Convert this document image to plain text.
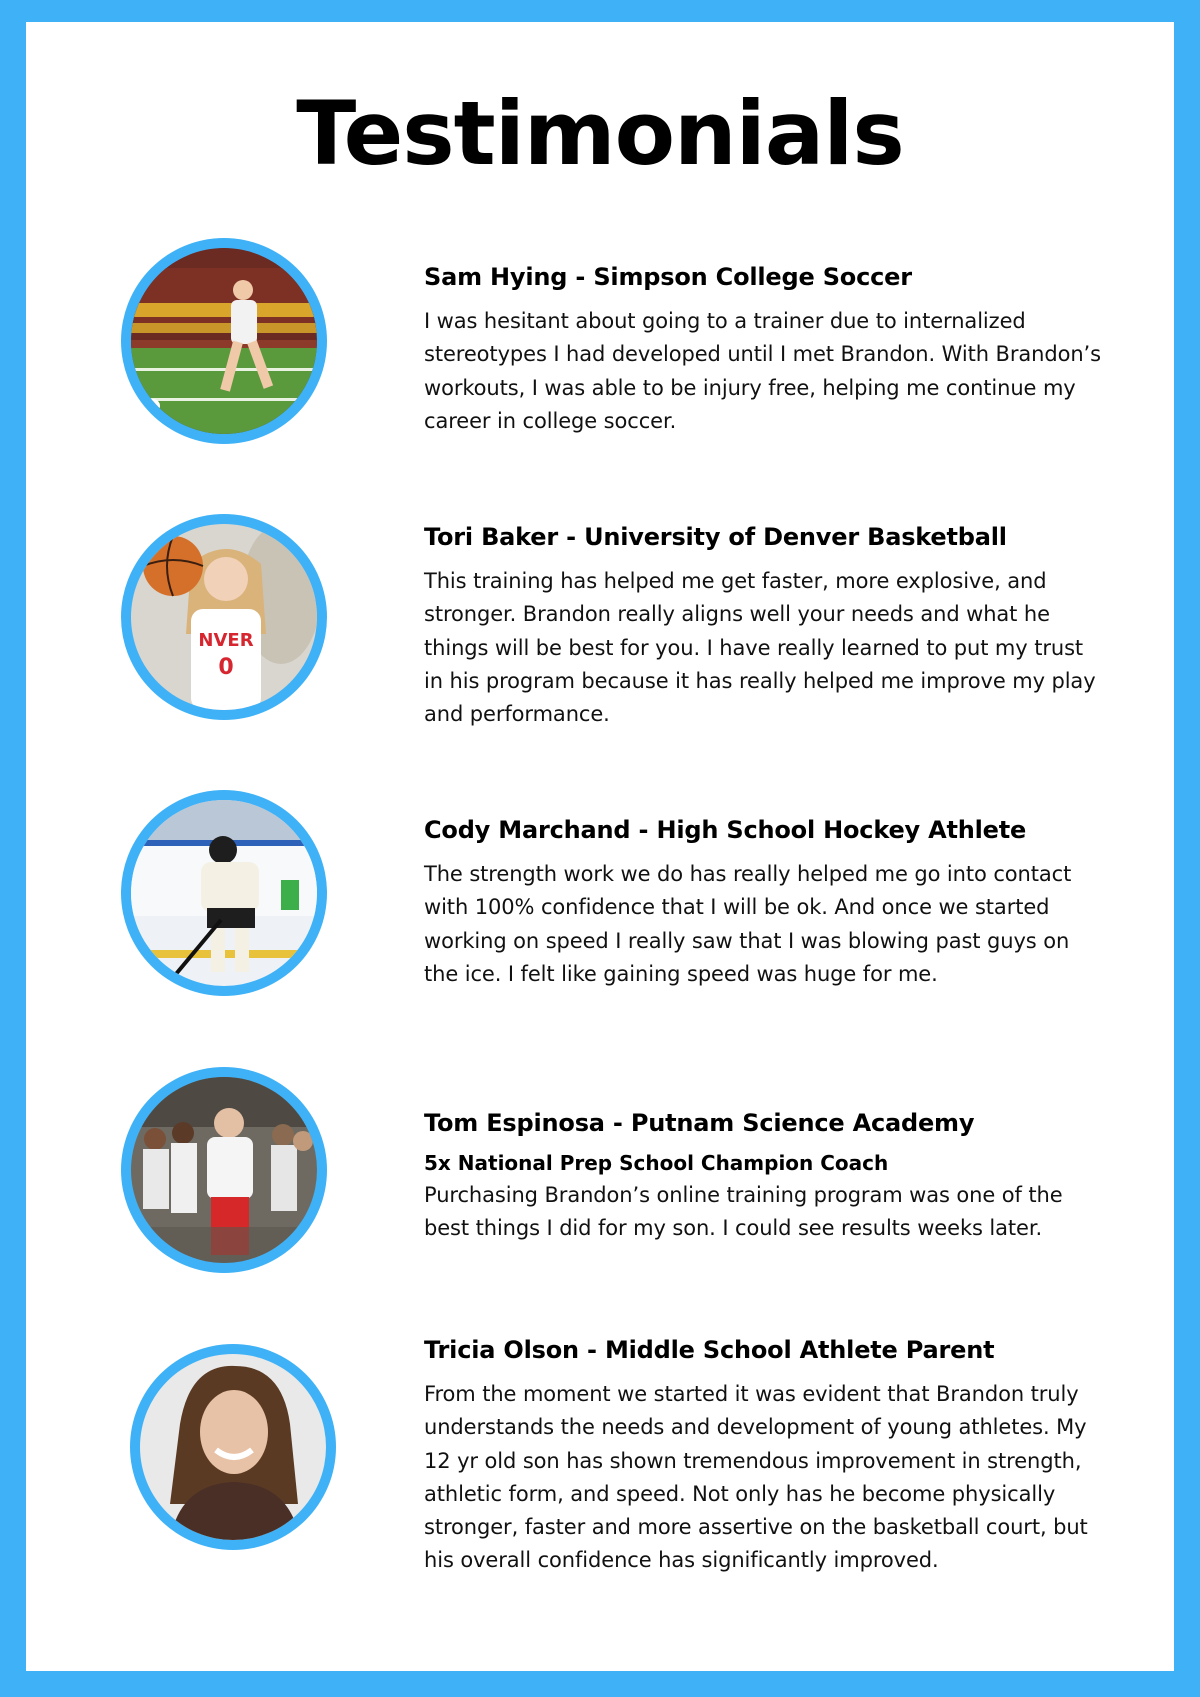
Testimonials

Sam Hying - Simpson College Soccer

I was hesitant about going to a trainer due to internalized stereotypes I had developed until I met Brandon. With Brandon’s workouts, I was able to be injury free, helping me continue my career in college soccer.

NVER
0

Tori Baker - University of Denver Basketball

This training has helped me get faster, more explosive, and stronger. Brandon really aligns well your needs and what he things will be best for you. I have really learned to put my trust in his program because it has really helped me improve my play and performance.

Cody Marchand - High School Hockey Athlete

The strength work we do has really helped me go into contact with 100% confidence that I will be ok. And once we started working on speed I really saw that I was blowing past guys on the ice. I felt like gaining speed was huge for me.

Tom Espinosa - Putnam Science Academy

5x National Prep School Champion Coach

Purchasing Brandon’s online training program was one of the best things I did for my son. I could see results weeks later.

Tricia Olson - Middle School Athlete Parent

From the moment we started it was evident that Brandon truly understands the needs and development of young athletes. My 12 yr old son has shown tremendous improvement in strength, athletic form, and speed. Not only has he become physically stronger, faster and more assertive on the basketball court, but his overall confidence has significantly improved.
